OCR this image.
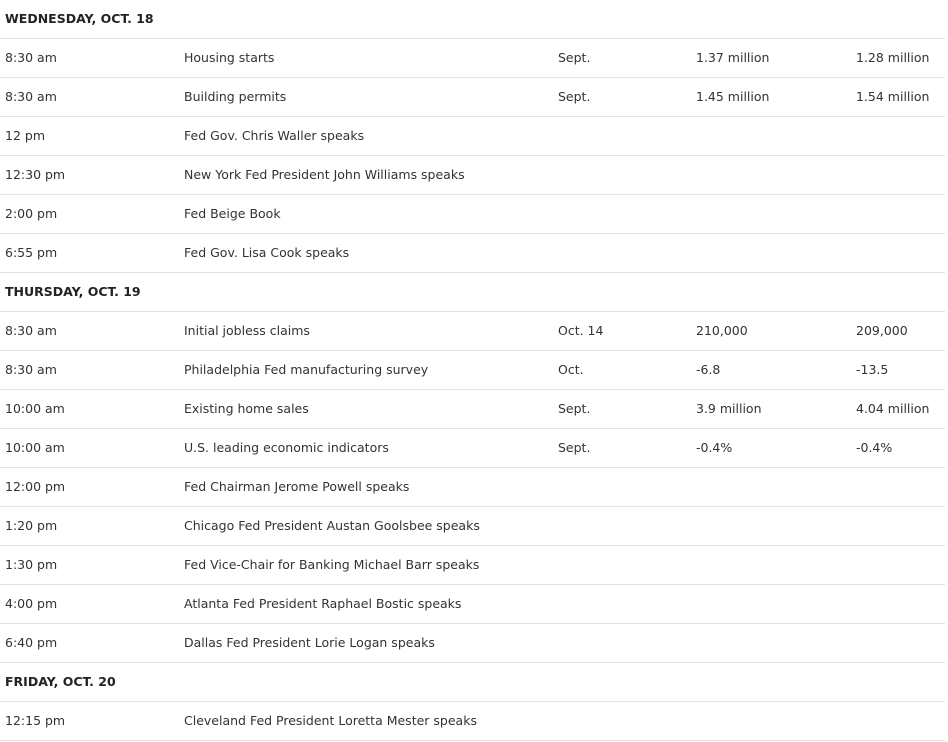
WEDNESDAY, OCT. 18
8:30 am	Housing starts	Sept.	1.37 million	1.28 million
8:30 am	Building permits	Sept.	1.45 million	1.54 million
12 pm	Fed Gov. Chris Waller speaks
12:30 pm	New York Fed President John Williams speaks
2:00 pm	Fed Beige Book
6:55 pm	Fed Gov. Lisa Cook speaks
THURSDAY, OCT. 19
8:30 am	Initial jobless claims	Oct. 14	210,000	209,000
8:30 am	Philadelphia Fed manufacturing survey	Oct.	-6.8	-13.5
10:00 am	Existing home sales	Sept.	3.9 million	4.04 million
10:00 am	U.S. leading economic indicators	Sept.	-0.4%	-0.4%
12:00 pm	Fed Chairman Jerome Powell speaks
1:20 pm	Chicago Fed President Austan Goolsbee speaks
1:30 pm	Fed Vice-Chair for Banking Michael Barr speaks
4:00 pm	Atlanta Fed President Raphael Bostic speaks
6:40 pm	Dallas Fed President Lorie Logan speaks
FRIDAY, OCT. 20
12:15 pm	Cleveland Fed President Loretta Mester speaks
